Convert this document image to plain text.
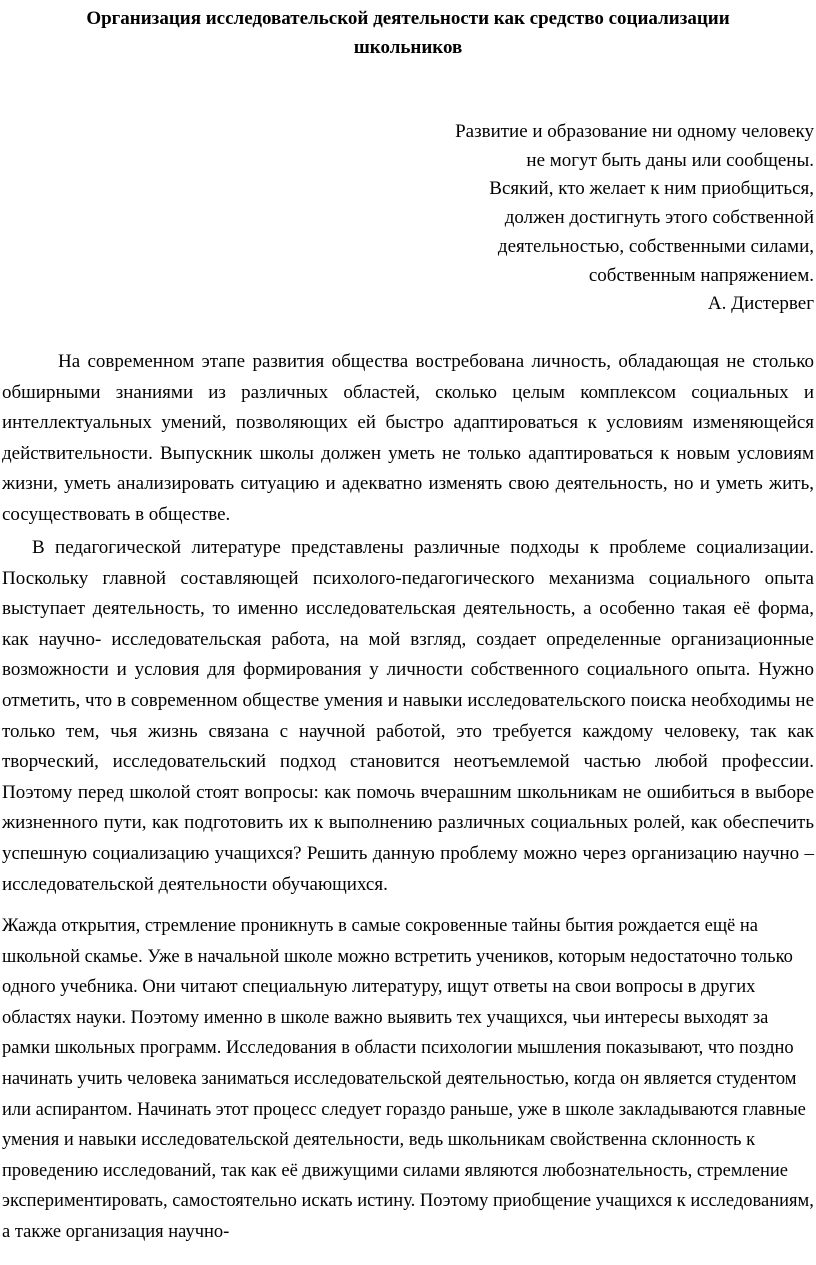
Организация исследовательской деятельности как средство социализации
школьников
Развитие и образование ни одному человеку
не могут быть даны или сообщены.
Всякий, кто желает к ним приобщиться,
должен достигнуть этого собственной
деятельностью, собственными силами,
собственным напряжением.
А. Дистервег

На современном этапе развития общества востребована личность, обладающая не столько обширными знаниями из различных областей, сколько целым комплексом социальных и интеллектуальных умений, позволяющих ей быстро адаптироваться к условиям изменяющейся действительности. Выпускник школы должен уметь не только адаптироваться к новым условиям жизни, уметь анализировать ситуацию и адекватно изменять свою деятельность, но и уметь жить, сосуществовать в обществе.

В педагогической литературе представлены различные подходы к проблеме социализации. Поскольку главной составляющей психолого-педагогического механизма социального опыта выступает деятельность, то именно исследовательская деятельность, а особенно такая её форма, как научно- исследовательская работа, на мой взгляд, создает определенные организационные возможности и условия для формирования у личности собственного социального опыта. Нужно отметить, что в современном обществе умения и навыки исследовательского поиска необходимы не только тем, чья жизнь связана с научной работой, это требуется каждому человеку, так как творческий, исследовательский подход становится неотъемлемой частью любой профессии. Поэтому перед школой стоят вопросы: как помочь вчерашним школьникам не ошибиться в выборе жизненного пути, как подготовить их к выполнению различных социальных ролей, как обеспечить успешную социализацию учащихся? Решить данную проблему можно через организацию научно – исследовательской деятельности обучающихся.

Жажда открытия, стремление проникнуть в самые сокровенные тайны бытия рождается ещё на школьной скамье. Уже в начальной школе можно встретить учеников, которым недостаточно только одного учебника. Они читают специальную литературу, ищут ответы на свои вопросы в других областях науки. Поэтому именно в школе важно выявить тех учащихся, чьи интересы выходят за рамки школьных программ. Исследования в области психологии мышления показывают, что поздно начинать учить человека заниматься исследовательской деятельностью, когда он является студентом или аспирантом. Начинать этот процесс следует гораздо раньше, уже в школе закладываются главные умения и навыки исследовательской деятельности, ведь школьникам свойственна склонность к проведению исследований, так как её движущими силами являются любознательность, стремление экспериментировать, самостоятельно искать истину. Поэтому приобщение учащихся к исследованиям, а также организация научно-
